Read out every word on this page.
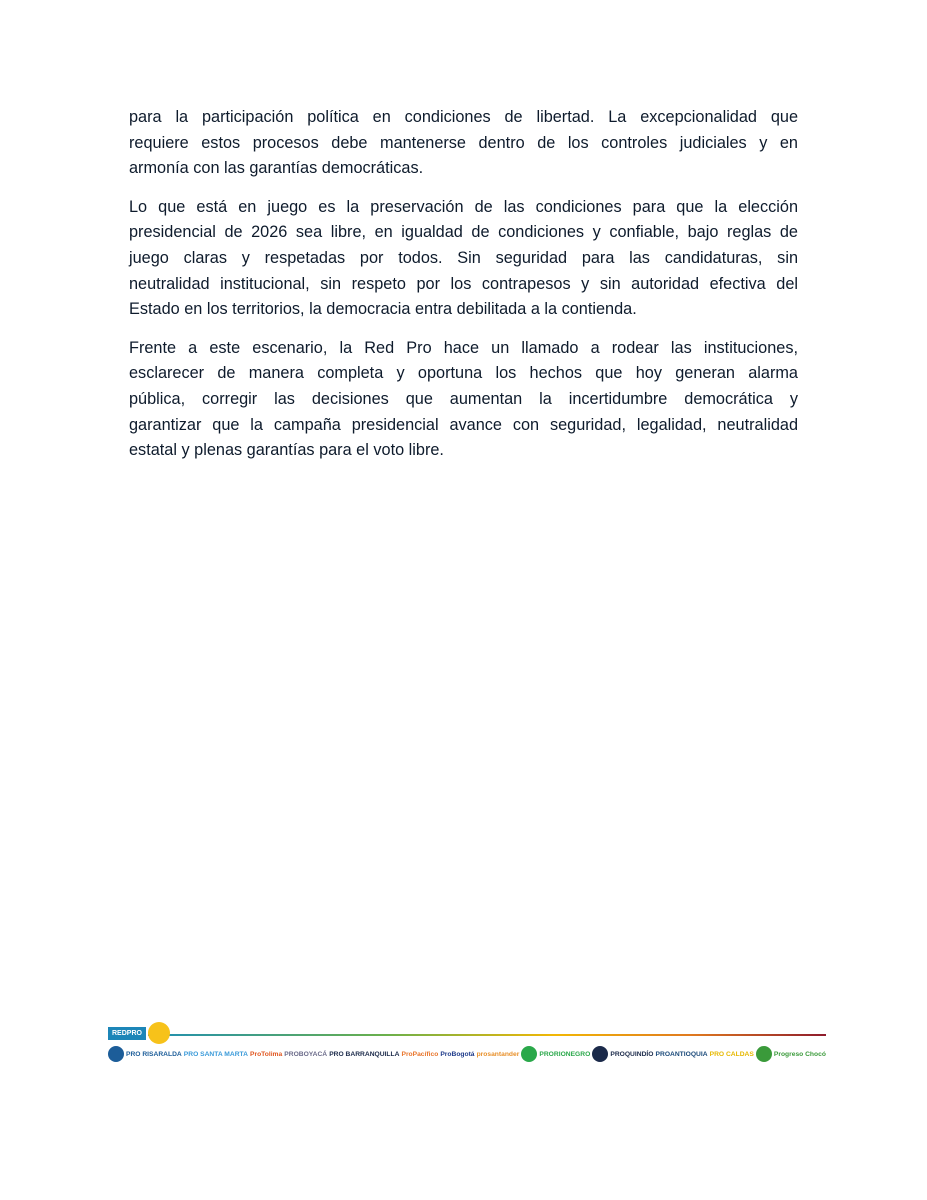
para la participación política en condiciones de libertad. La excepcionalidad que
requiere estos procesos debe mantenerse dentro de los controles judiciales y en
armonía con las garantías democráticas.
Lo que está en juego es la preservación de las condiciones para que la elección
presidencial de 2026 sea libre, en igualdad de condiciones y confiable, bajo reglas de
juego claras y respetadas por todos. Sin seguridad para las candidaturas, sin
neutralidad institucional, sin respeto por los contrapesos y sin autoridad efectiva del
Estado en los territorios, la democracia entra debilitada a la contienda.
Frente a este escenario, la Red Pro hace un llamado a rodear las instituciones,
esclarecer de manera completa y oportuna los hechos que hoy generan alarma
pública, corregir las decisiones que aumentan la incertidumbre democrática y
garantizar que la campaña presidencial avance con seguridad, legalidad, neutralidad
estatal y plenas garantías para el voto libre.
REDPRO
PRO RISARALDA PRO SANTA MARTA ProTolima PROBOYACÁ PRO BARRANQUILLA ProPacífico ProBogotá prosantander	PRORIONEGRO	PROQUINDÍO PROANTIOQUIA PRO CALDAS	Progreso Chocó
